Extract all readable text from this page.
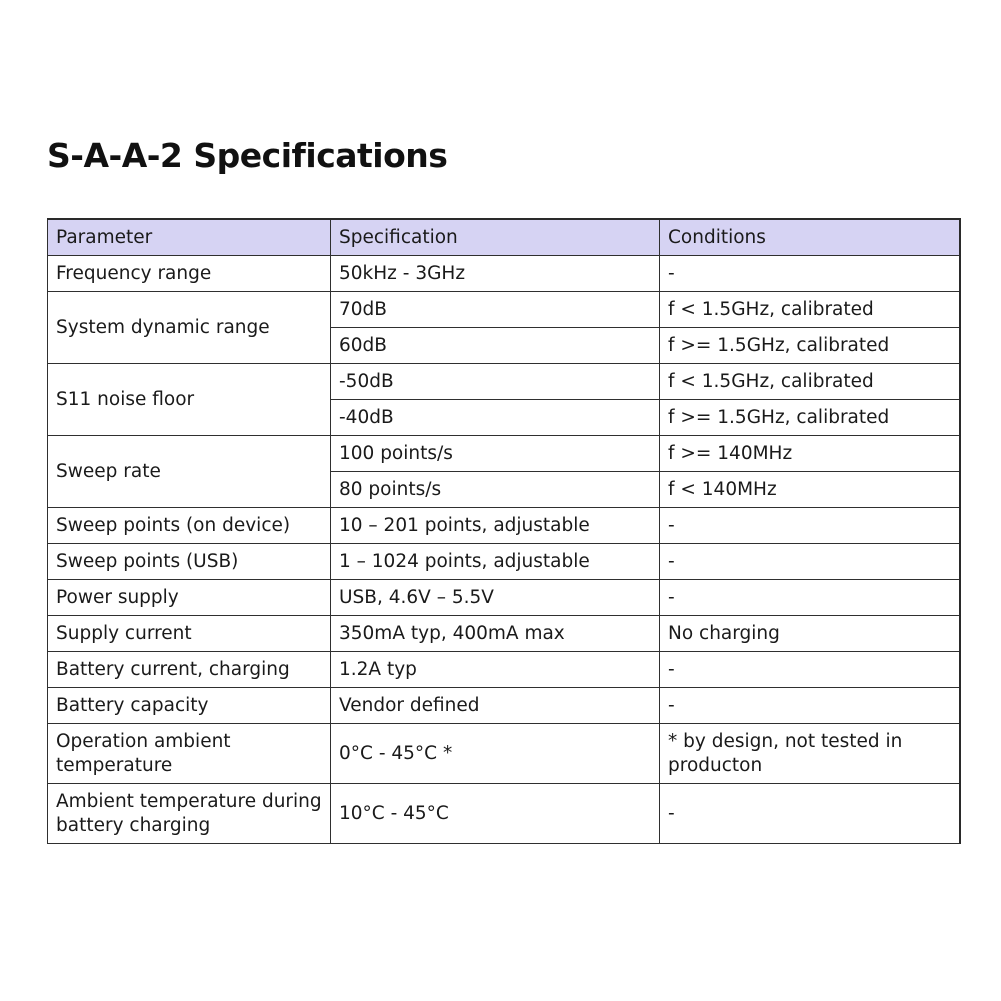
S-A-A-2 Specifications
Parameter	Specification	Conditions
Frequency range	50kHz - 3GHz	-
System dynamic range	70dB	f < 1.5GHz, calibrated
	60dB	f >= 1.5GHz, calibrated
S11 noise floor	-50dB	f < 1.5GHz, calibrated
	-40dB	f >= 1.5GHz, calibrated
Sweep rate	100 points/s	f >= 140MHz
	80 points/s	f < 140MHz
Sweep points (on device)	10 – 201 points, adjustable	-
Sweep points (USB)	1 – 1024 points, adjustable	-
Power supply	USB, 4.6V – 5.5V	-
Supply current	350mA typ, 400mA max	No charging
Battery current, charging	1.2A typ	-
Battery capacity	Vendor defined	-
Operation ambient temperature	0°C - 45°C *	* by design, not tested in producton
Ambient temperature during battery charging	10°C - 45°C	-
